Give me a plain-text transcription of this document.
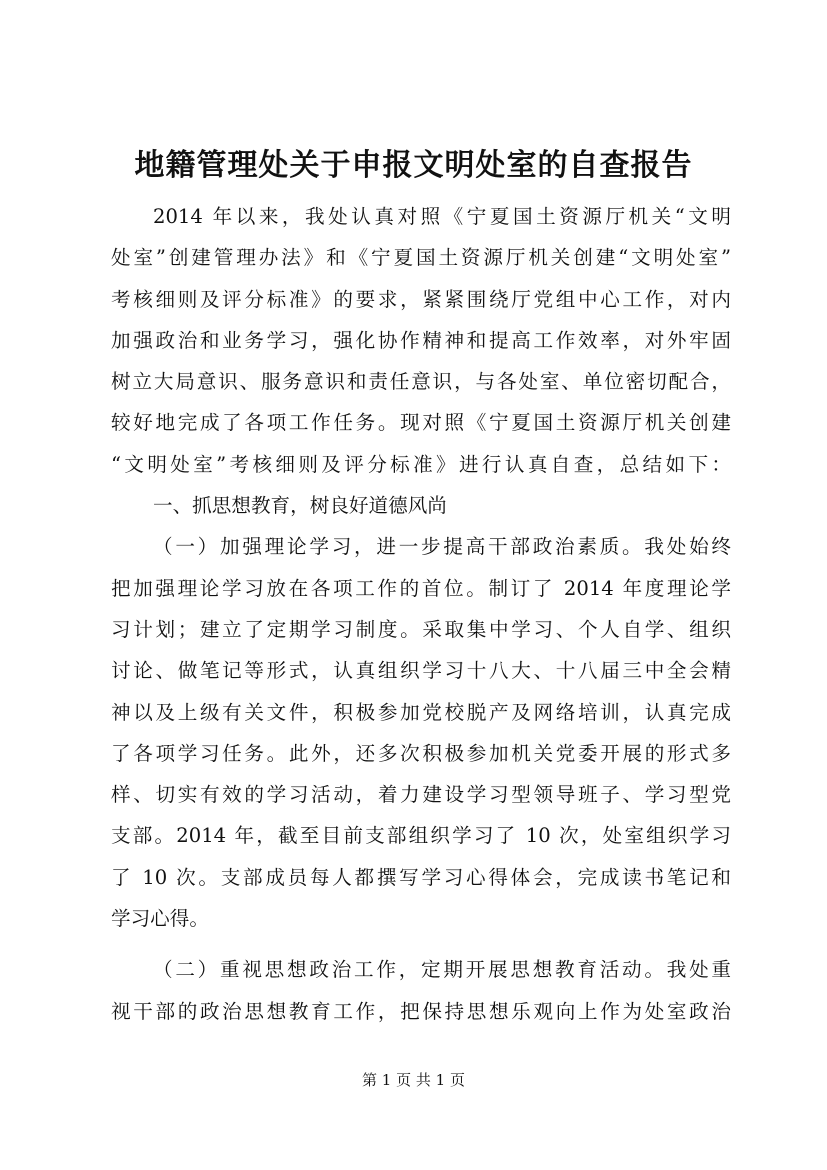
地籍管理处关于申报文明处室的自查报告
2014 年以来，我处认真对照《宁夏国土资源厅机关“文明
处室”创建管理办法》和《宁夏国土资源厅机关创建“文明处室”
考核细则及评分标准》的要求，紧紧围绕厅党组中心工作，对内
加强政治和业务学习，强化协作精神和提高工作效率，对外牢固
树立大局意识、服务意识和责任意识，与各处室、单位密切配合，
较好地完成了各项工作任务。现对照《宁夏国土资源厅机关创建
“文明处室”考核细则及评分标准》进行认真自查，总结如下：
一、抓思想教育，树良好道德风尚
（一）加强理论学习，进一步提高干部政治素质。我处始终
把加强理论学习放在各项工作的首位。制订了 2014 年度理论学
习计划；建立了定期学习制度。采取集中学习、个人自学、组织
讨论、做笔记等形式，认真组织学习十八大、十八届三中全会精
神以及上级有关文件，积极参加党校脱产及网络培训，认真完成
了各项学习任务。此外，还多次积极参加机关党委开展的形式多
样、切实有效的学习活动，着力建设学习型领导班子、学习型党
支部。2014 年，截至目前支部组织学习了 10 次，处室组织学习
了 10 次。支部成员每人都撰写学习心得体会，完成读书笔记和
学习心得。
（二）重视思想政治工作，定期开展思想教育活动。我处重
视干部的政治思想教育工作，把保持思想乐观向上作为处室政治
第 1 页 共 1 页
